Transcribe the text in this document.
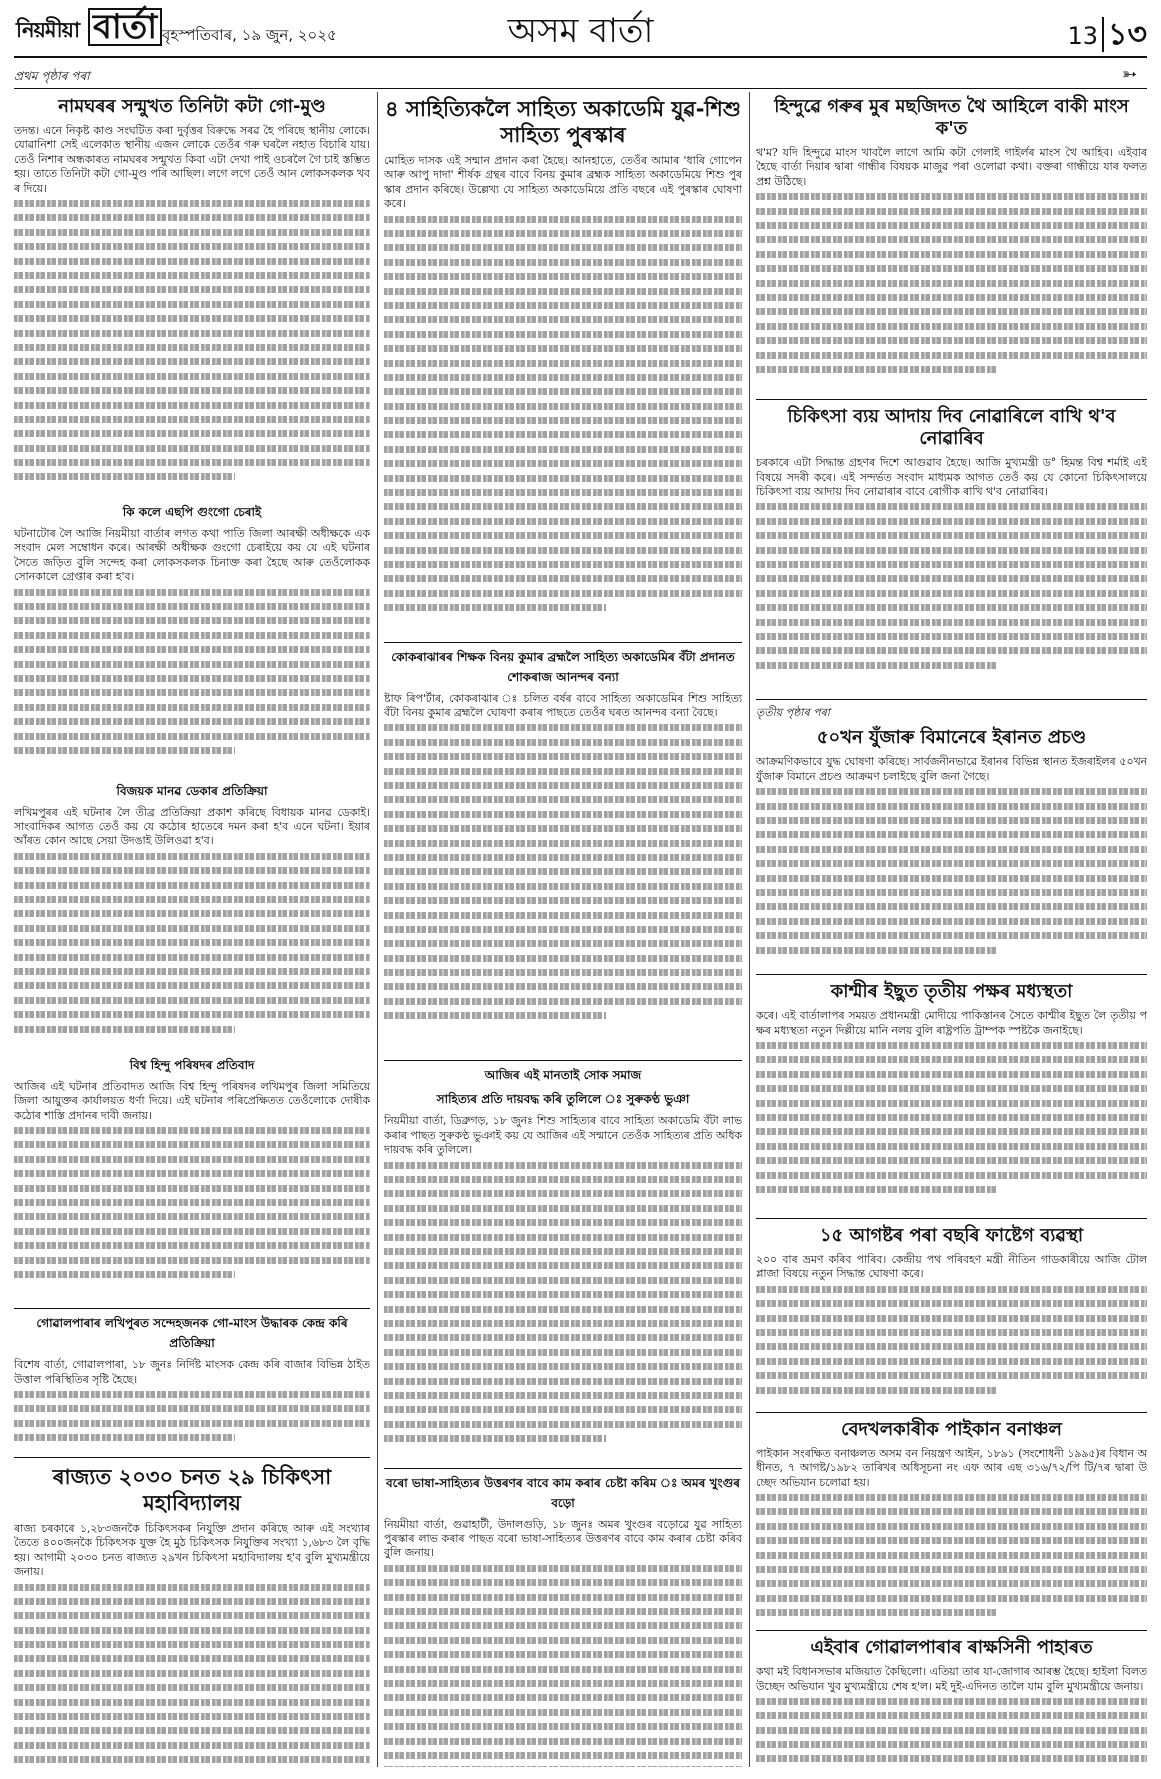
নিয়মীয়া বাৰ্তা বৃহস্পতিবাৰ, ১৯ জুন, ২০২৫	অসম বাৰ্তা	13 ১৩
প্ৰথম পৃষ্ঠাৰ পৰা	➳
নামঘৰৰ সন্মুখত তিনিটা কটা গো-মুণ্ড

তদন্ত। এনে নিকৃষ্ট কাণ্ড সংঘটিত কৰা দুৰ্বৃত্তৰ বিৰুদ্ধে সৰৱ হৈ পৰিছে স্থানীয় লোকে। যোৱানিশা সেই এলেকাত স্থানীয় এজন লোকে তেওঁৰ গৰু ঘৰলৈ নহাত বিচাৰি যায়। তেওঁ নিশাৰ অন্ধকাৰত নামঘৰৰ সন্মুখত কিবা এটা দেখা পাই ওচৰলৈ গৈ চাই স্তম্ভিত হয়। তাতে তিনিটা কটা গো-মুণ্ড পৰি আছিল। লগে লগে তেওঁ আন লোকসকলক খবৰ দিয়ে।

কি কলে এছপি গুংগো চেৰাই

ঘটনাটোৰ লৈ আজি নিয়মীয়া বাৰ্তাৰ লগত কথা পাতি জিলা আৰক্ষী অধীক্ষকে এক সংবাদ মেল সম্বোধন কৰে। আৰক্ষী অধীক্ষক গুংগো চেৰাইয়ে কয় যে এই ঘটনাৰ সৈতে জড়িত বুলি সন্দেহ কৰা লোকসকলক চিনাক্ত কৰা হৈছে আৰু তেওঁলোকক সোনকালে গ্ৰেপ্তাৰ কৰা হ'ব।

বিজয়ক মানৱ ডেকাৰ প্ৰতিক্ৰিয়া

লখিমপুৰৰ এই ঘটনাৰ লৈ তীব্ৰ প্ৰতিক্ৰিয়া প্ৰকাশ কৰিছে বিধায়ক মানৱ ডেকাই। সাংবাদিকৰ আগত তেওঁ কয় যে কঠোৰ হাতেৰে দমন কৰা হ'ব এনে ঘটনা। ইয়াৰ আঁৰত কোন আছে সেয়া উদঙাই উলিওৱা হ'ব।

বিশ্ব হিন্দু পৰিষদৰ প্ৰতিবাদ

আজিৰ এই ঘটনাৰ প্ৰতিবাদত আজি বিশ্ব হিন্দু পৰিষদৰ লখিমপুৰ জিলা সমিতিয়ে জিলা আয়ুক্তৰ কাৰ্যালয়ত ধৰ্ণা দিয়ে। এই ঘটনাৰ পৰিপ্ৰেক্ষিতত তেওঁলোকে দোষীক কঠোৰ শাস্তি প্ৰদানৰ দাবী জনায়।

গোৱালপাৰাৰ লখিপুৰত সন্দেহজনক গো-মাংস উদ্ধাৰক কেন্দ্ৰ কৰি প্ৰতিক্ৰিয়া

বিশেষ বাৰ্তা, গোৱালপাৰা, ১৮ জুনঃ নিৰ্দিষ্ট মাংসক কেন্দ্ৰ কৰি বাজাৰ বিভিন্ন ঠাইত উত্তাল পৰিস্থিতিৰ সৃষ্টি হৈছে।

ৰাজ্যত ২০৩০ চনত ২৯ চিকিৎসা মহাবিদ্যালয়

ৰাজ্য চৰকাৰে ১,২৮৩জনকৈ চিকিৎসকৰ নিযুক্তি প্ৰদান কৰিছে আৰু এই সংখ্যাৰ তৈতে ৪০০জনকৈ চিকিৎসক যুক্ত হৈ মুঠ চিকিৎসক নিযুক্তিৰ সংখ্যা ১,৬৮৩ লৈ বৃদ্ধি হয়। আগামী ২০৩০ চনত ৰাজ্যত ২৯খন চিকিৎসা মহাবিদ্যালয় হ'ব বুলি মুখ্যমন্ত্ৰীয়ে জনায়।

৪ সাহিত্যিকলৈ সাহিত্য অকাডেমি যুৱ-শিশু সাহিত্য পুৰস্কাৰ

মোহিত দাসক এই সন্মান প্ৰদান কৰা হৈছে। আনহাতে, তেওঁৰ আমাৰ 'ধাৰি গোপেন আৰু আপু দাদা' শীৰ্ষক গ্ৰন্থৰ বাবে বিনয় কুমাৰ ব্ৰহ্মক সাহিত্য অকাডেমিয়ে শিশু পুৰস্কাৰ প্ৰদান কৰিছে। উল্লেখ্য যে সাহিত্য অকাডেমিয়ে প্ৰতি বছৰে এই পুৰস্কাৰ ঘোষণা কৰে।

কোকৰাঝাৰৰ শিক্ষক বিনয় কুমাৰ ব্ৰহ্মলৈ সাহিত্য অকাডেমিৰ বঁটা প্ৰদানত শোকৰাজ আনন্দৰ বন্যা

ষ্টাফ ৰিপ'ৰ্টাৰ, কোকৰাঝাৰ ঃ চলিত বৰ্ষৰ বাবে সাহিত্য অকাডেমিৰ শিশু সাহিত্য বঁটা বিনয় কুমাৰ ব্ৰহ্মলৈ ঘোষণা কৰাৰ পাছতে তেওঁৰ ঘৰত আনন্দৰ বন্যা বৈছে।

আজিৰ এই মানতাই সোক সমাজ
সাহিত্যৰ প্ৰতি দায়বদ্ধ কৰি তুলিলে ঃ সুৰুকণ্ঠ ভুঞা

নিয়মীয়া বাৰ্তা, ডিব্ৰুগড়, ১৮ জুনঃ শিশু সাহিত্যৰ বাবে সাহিত্য অকাডেমি বঁটা লাভ কৰাৰ পাছত সুৰুকণ্ঠ ভুঞাই কয় যে আজিৰ এই সন্মানে তেওঁক সাহিত্যৰ প্ৰতি অধিক দায়বদ্ধ কৰি তুলিলে।

বৰো ভাষা-সাহিত্যৰ উত্তৰণৰ বাবে কাম কৰাৰ চেষ্টা কৰিম ঃ অমৰ খুংগুৰ বড়ো

নিয়মীয়া বাৰ্তা, গুৱাহাটী, উদালগুড়ি, ১৮ জুনঃ অমৰ খুংগুৰ বড়োৱে যুৱ সাহিত্য পুৰস্কাৰ লাভ কৰাৰ পাছত বৰো ভাষা-সাহিত্যৰ উত্তৰণৰ বাবে কাম কৰাৰ চেষ্টা কৰিব বুলি জনায়।

হিন্দুৱে গৰুৰ মুৰ মছজিদত থৈ আহিলে বাকী মাংস ক'ত

থ'ম? যদি হিন্দুৱে মাংস খাবলৈ লাগে আমি কটা গেলাই গাইৰ্লৰ মাংস থৈ আহিব। এইবাৰ হৈছে বাৰ্তা দিয়াৰ দ্বাৰা গান্ধীৰ বিষয়ক মাজুৱ পৰা ওলোৱা কথা। বক্তৰা গান্ধীয়ে যাৰ ফলত প্ৰশ্ন উঠিছে।

চিকিৎসা ব্যয় আদায় দিব নোৱাৰিলে বাখি থ'ব নোৱাৰিব

চৰকাৰে এটা সিদ্ধান্ত গ্ৰহণৰ দিশে আগুৱাব হৈছে। আজি মুখ্যমন্ত্ৰী ড° হিমন্ত বিশ্ব শৰ্মাই এই বিষয়ে সদৰী কৰে। এই সন্দৰ্ভত সংবাদ মাধ্যমক আগত তেওঁ কয় যে কোনো চিকিৎসালয়ে চিকিৎসা ব্যয় আদায় দিব নোৱাৰাৰ বাবে ৰোগীক ৰাখি থ'ব নোৱাৰিব।

তৃতীয় পৃষ্ঠাৰ পৰা
৫০খন যুঁজাৰু বিমানেৰে ইৰানত প্ৰচণ্ড

আক্ৰমণিকভাবে যুদ্ধ ঘোষণা কৰিছে। সাৰ্বজনীনভাৱে ইৰানৰ বিভিন্ন স্থানত ইজৰাইলৰ ৫০খন যুঁজাৰু বিমানে প্ৰচণ্ড আক্ৰমণ চলাইছে বুলি জনা গৈছে।

কাশ্মীৰ ইছুত তৃতীয় পক্ষৰ মধ্যস্থতা

কৰে। এই বাৰ্তালাপৰ সময়ত প্ৰধানমন্ত্ৰী মোদীয়ে পাকিস্তানৰ সৈতে কাশ্মীৰ ইছুত লৈ তৃতীয় পক্ষৰ মধ্যস্থতা নতুন দিল্লীয়ে মানি নলয় বুলি ৰাষ্ট্ৰপতি ট্ৰাম্পক স্পষ্টকৈ জনাইছে।

১৫ আগষ্টৰ পৰা বছৰি ফাষ্টেগ ব্যৱস্থা

২০০ বাৰ ভ্ৰমণ কৰিব পাৰিব। কেন্দ্ৰীয় পথ পৰিবহণ মন্ত্ৰী নীতিন গাডকাৰীয়ে আজি টোলপ্লাজা বিষয়ে নতুন সিদ্ধান্ত ঘোষণা কৰে।

বেদখলকাৰীক পাইকান বনাঞ্চল

পাইকান সংৰক্ষিত বনাঞ্চলত অসম বন নিয়ন্ত্ৰণ আইন, ১৮৯১ (সংশোধনী ১৯৯৫)ৰ বিধান অধীনত, ৭ আগষ্ট/১৯৮২ তাৰিখৰ অধিসূচনা নং এফ আৰ এছ ৩১৬/৭২/পি টি/৭ৰ দ্বাৰা উচ্ছেদ অভিযান চলোৱা হয়।

এইবাৰ গোৱালপাৰাৰ ৰাক্ষসিনী পাহাৰত

কথা মই বিধানসভাৰ মজিয়াত কৈছিলো। এতিয়া তাৰ যা-জোগাৰ আৰম্ভ হৈছে। হাইলা বিলত উচ্ছেদ অভিযান খুব মুখ্যমন্ত্ৰীয়ে শেষ হ'ল। মই দুই-এদিনত তালৈ যাম বুলি মুখ্যমন্ত্ৰীয়ে জনায়।
